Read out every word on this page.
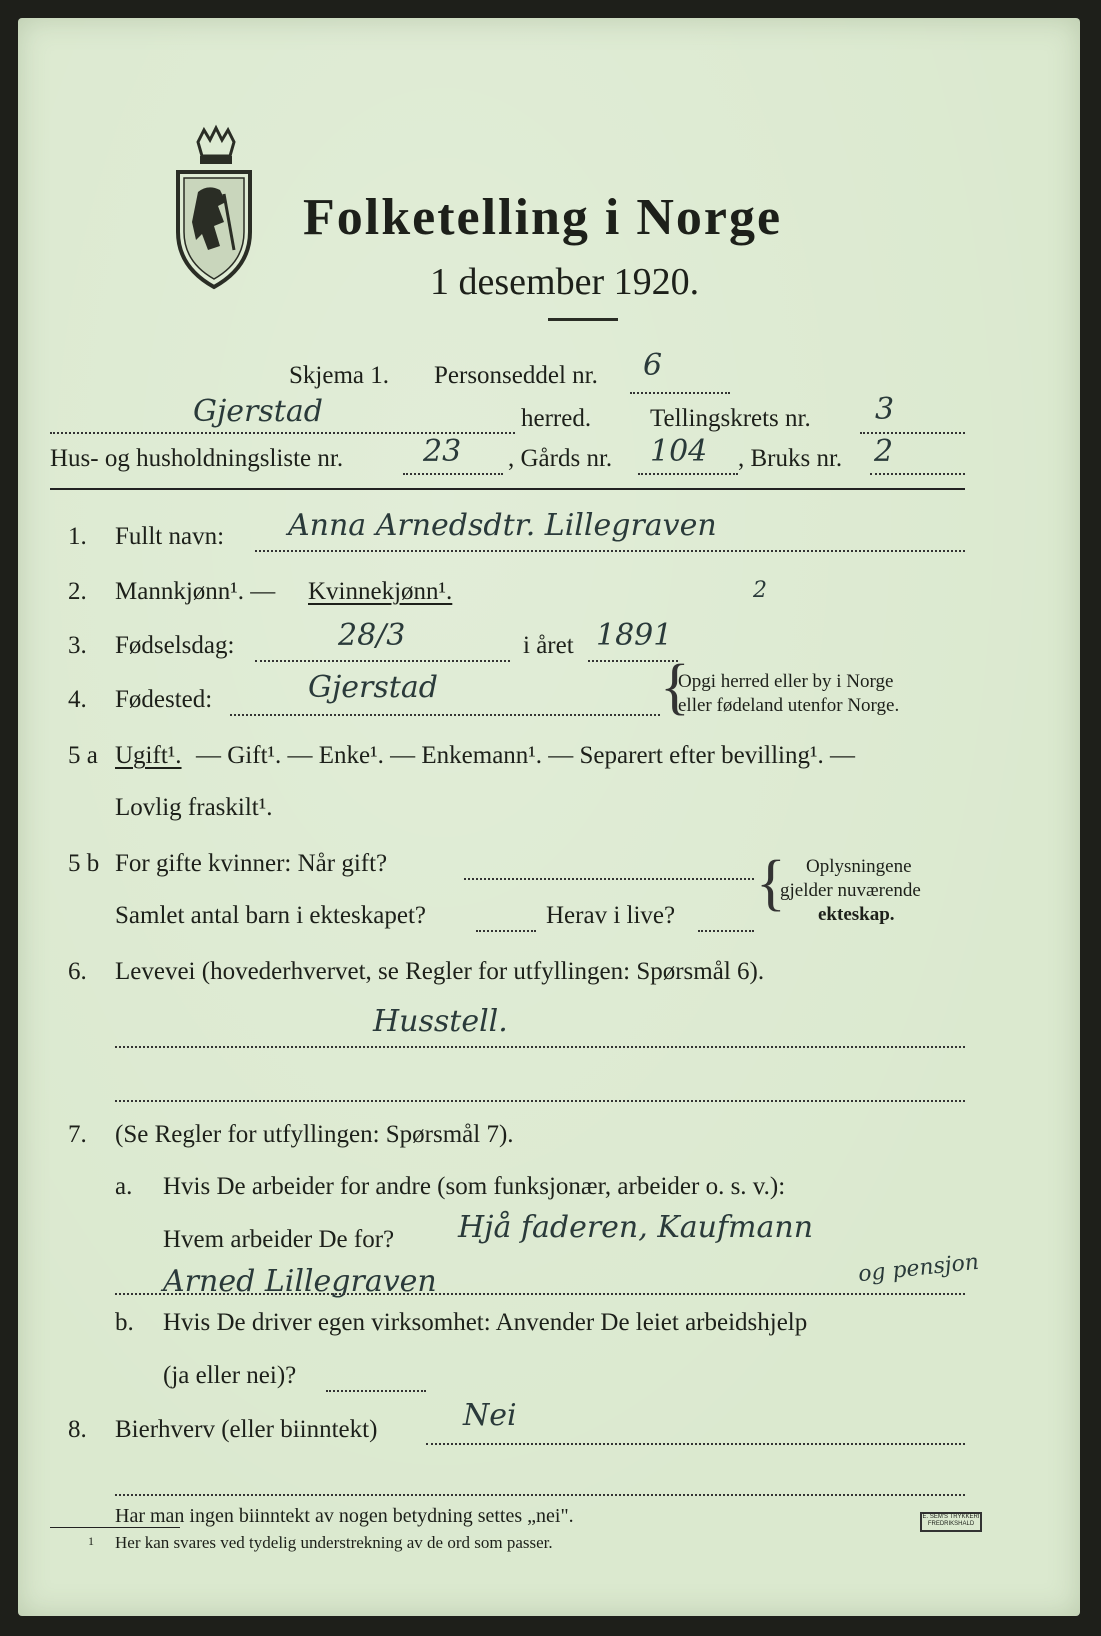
Folketelling i Norge
1 desember 1920.
Skjema 1. Personseddel nr. 6
Gjerstad	herred. Tellingskrets nr. 3
Hus- og husholdningsliste nr.	23 , Gårds nr. 104 , Bruks nr. 2
1. Fullt navn: Anna Arnedsdtr. Lillegraven
2. Mannkjønn¹. — Kvinnekjønn¹.	2
3. Fødselsdag:	28/3	i året 1891
4. Fødested:	Gjerstad	{
Opgi herred eller by i Norge
eller fødeland utenfor Norge.
5 a Ugift¹. — Gift¹. — Enke¹. — Enkemann¹. — Separert efter bevilling¹. —
Lovlig fraskilt¹.
5 b For gifte kvinner: Når gift?
Samlet antal barn i ekteskapet?	Herav i live? { Oplysningene
gjelder nuværende
ekteskap.
6. Levevei (hovederhvervet, se Regler for utfyllingen: Spørsmål 6).
Husstell.
7. (Se Regler for utfyllingen: Spørsmål 7).
a. Hvis De arbeider for andre (som funksjonær, arbeider o. s. v.):
Hvem arbeider De for? Hjå faderen, Kaufmann
Arned Lillegraven	og pensjon
b. Hvis De driver egen virksomhet: Anvender De leiet arbeidshjelp
(ja eller nei)?
8. Bierhverv (eller biinntekt)	Nei
Har man ingen biinntekt av nogen betydning settes „nei".
1 Her kan svares ved tydelig understrekning av de ord som passer.
E. SEM'S TRYKKERI FREDRIKSHALD
